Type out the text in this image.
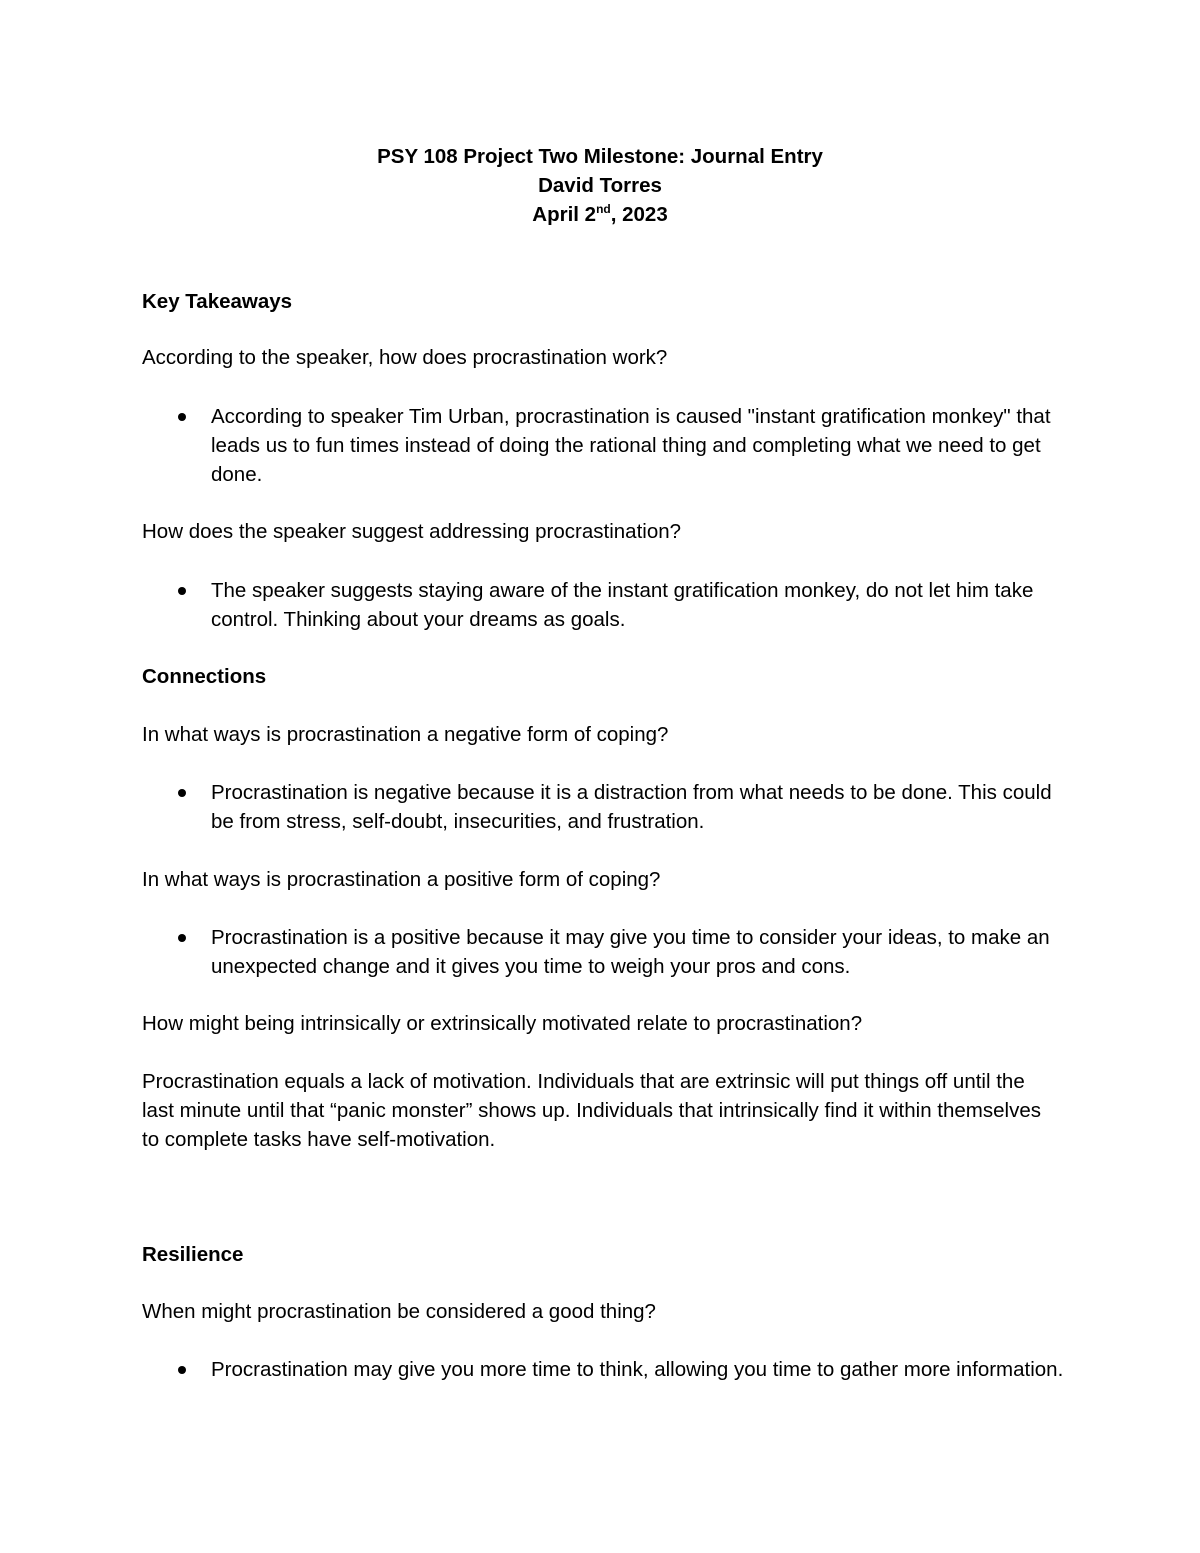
PSY 108 Project Two Milestone: Journal Entry
David Torres
April 2nd, 2023
Key Takeaways
According to the speaker, how does procrastination work?
According to speaker Tim Urban, procrastination is caused "instant gratification monkey" that leads us to fun times instead of doing the rational thing and completing what we need to get done.
How does the speaker suggest addressing procrastination?
The speaker suggests staying aware of the instant gratification monkey, do not let him take control. Thinking about your dreams as goals.
Connections
In what ways is procrastination a negative form of coping?
Procrastination is negative because it is a distraction from what needs to be done. This could be from stress, self-doubt, insecurities, and frustration.
In what ways is procrastination a positive form of coping?
Procrastination is a positive because it may give you time to consider your ideas, to make an unexpected change and it gives you time to weigh your pros and cons.
How might being intrinsically or extrinsically motivated relate to procrastination?
Procrastination equals a lack of motivation. Individuals that are extrinsic will put things off until the last minute until that “panic monster” shows up. Individuals that intrinsically find it within themselves to complete tasks have self-motivation.
Resilience
When might procrastination be considered a good thing?
Procrastination may give you more time to think, allowing you time to gather more information.
